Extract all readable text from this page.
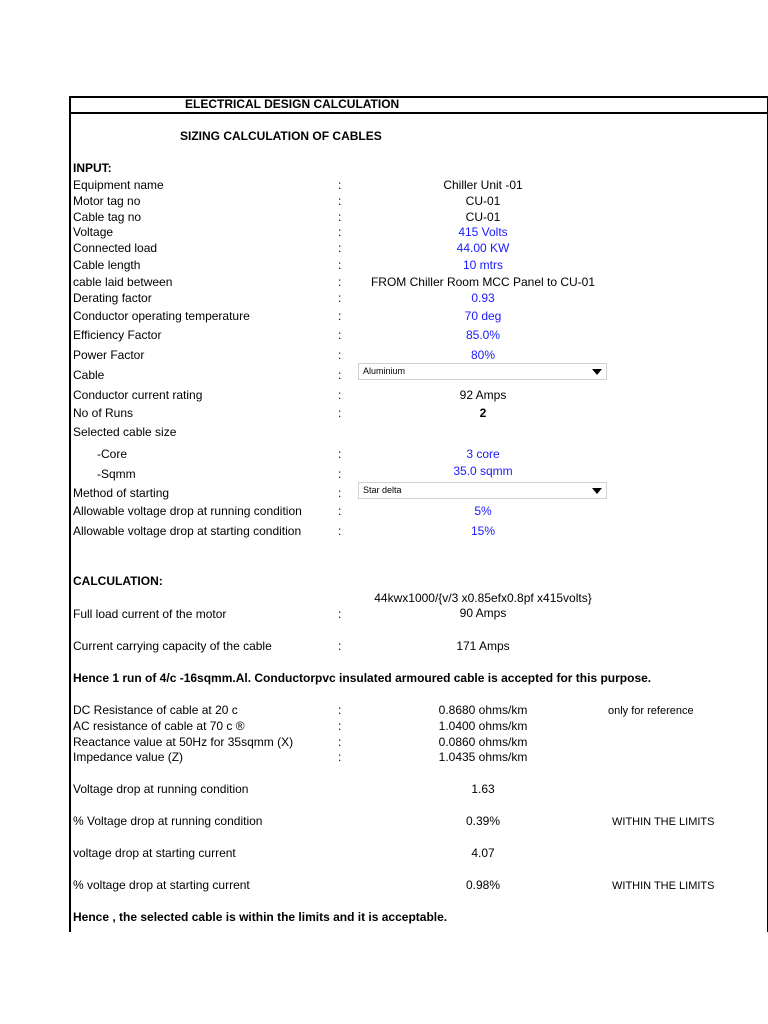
ELECTRICAL DESIGN CALCULATION
SIZING CALCULATION OF CABLES
INPUT:
Equipment name	:	Chiller Unit -01
Motor tag no	:	CU-01
Cable tag no	:	CU-01
Voltage	:	415 Volts
Connected load	:	44.00 KW
Cable length	:	10 mtrs
cable laid between	:	FROM Chiller Room MCC Panel to CU-01
Derating factor	:	0.93
Conductor operating temperature	:	70 deg
Efficiency Factor	:	85.0%
Power Factor	:	80%
Cable	:	Aluminium
Conductor current rating	:	92 Amps
No of Runs	:	2
Selected cable size
-Core	:	3 core
-Sqmm	:	35.0 sqmm
Method of starting	:	Star delta
Allowable voltage drop at running condition	:	5%
Allowable voltage drop at starting condition	:	15%
CALCULATION:
44kwx1000/{v/3 x0.85efx0.8pf x415volts}
Full load current of the motor	:	90 Amps
Current carrying capacity of the cable	:	171 Amps
Hence 1 run of 4/c -16sqmm.Al. Conductorpvc insulated armoured cable is accepted for this purpose.
DC Resistance of cable at 20 c	:	0.8680 ohms/km	only for reference
AC resistance of cable at 70 c ®	:	1.0400 ohms/km
Reactance value at 50Hz for 35sqmm (X)	:	0.0860 ohms/km
Impedance value (Z)	:	1.0435 ohms/km
Voltage drop at running condition	1.63
% Voltage drop at running condition	0.39%	WITHIN THE LIMITS
voltage drop at starting current	4.07
% voltage drop at starting current	0.98%	WITHIN THE LIMITS
Hence , the selected cable is within the limits and it is acceptable.
